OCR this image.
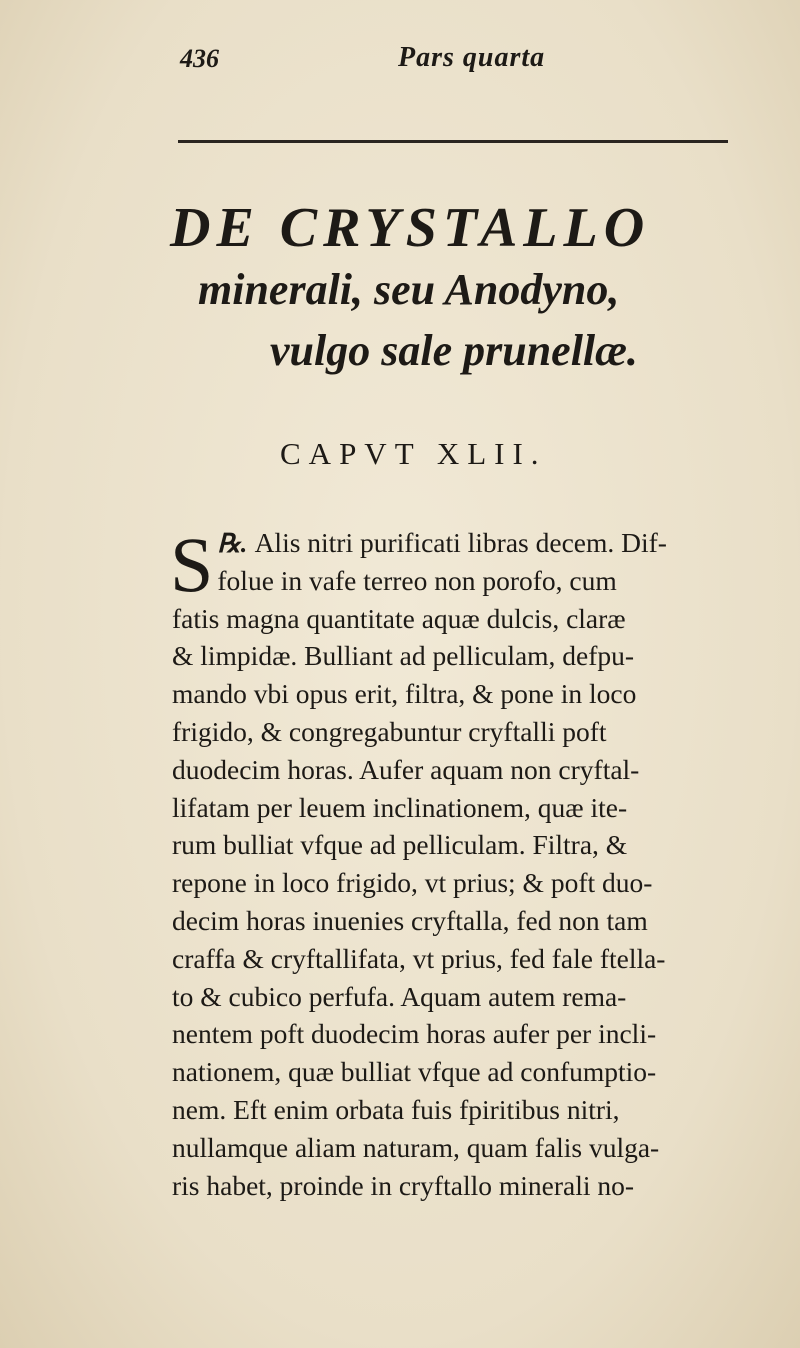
436	Pars quarta
DE CRYSTALLO
minerali, seu Anodyno,
vulgo sale prunellæ.
CAPVT XLII.
S ℞. Alis nitri purificati libras decem. Dif-
folue in vafe terreo non porofo, cum
fatis magna quantitate aquæ dulcis, claræ
& limpidæ. Bulliant ad pelliculam, defpu-
mando vbi opus erit, filtra, & pone in loco
frigido, & congregabuntur cryftalli poft
duodecim horas. Aufer aquam non cryftal-
lifatam per leuem inclinationem, quæ ite-
rum bulliat vfque ad pelliculam. Filtra, &
repone in loco frigido, vt prius; & poft duo-
decim horas inuenies cryftalla, fed non tam
craffa & cryftallifata, vt prius, fed fale ftella-
to & cubico perfufa. Aquam autem rema-
nentem poft duodecim horas aufer per incli-
nationem, quæ bulliat vfque ad confumptio-
nem. Eft enim orbata fuis fpiritibus nitri,
nullamque aliam naturam, quam falis vulga-
ris habet, proinde in cryftallo minerali no-
